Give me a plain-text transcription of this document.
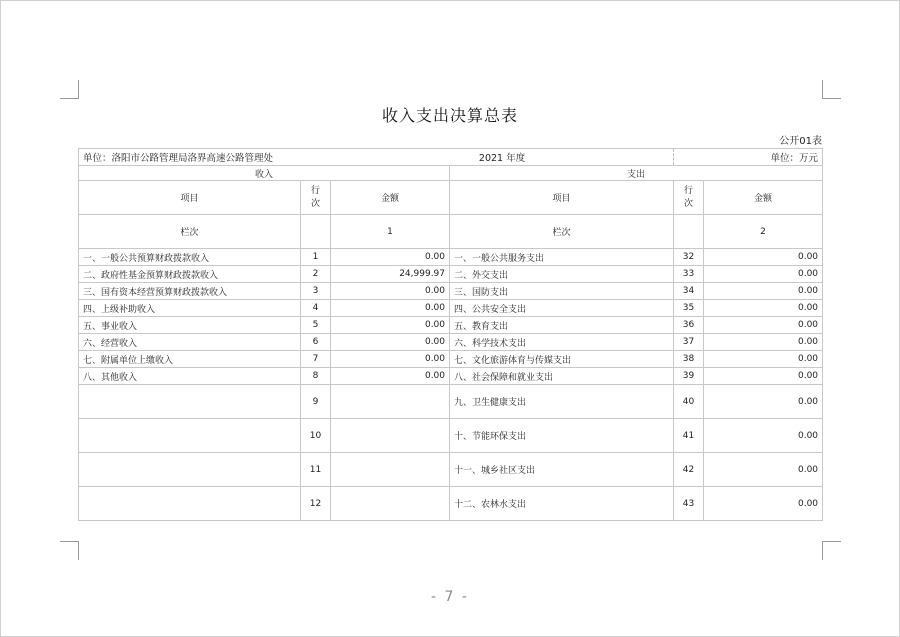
收入支出决算总表
公开01表
单位：洛阳市公路管理局洛界高速公路管理处		2021 年度			单位：万元
收入			支出		
项目	行次	金额	项目	行次	金额
栏次		1	栏次		2
一、一般公共预算财政拨款收入	1	0.00	一、一般公共服务支出	32	0.00
二、政府性基金预算财政拨款收入	2	24,999.97	二、外交支出	33	0.00
三、国有资本经营预算财政拨款收入	3	0.00	三、国防支出	34	0.00
四、上级补助收入	4	0.00	四、公共安全支出	35	0.00
五、事业收入	5	0.00	五、教育支出	36	0.00
六、经营收入	6	0.00	六、科学技术支出	37	0.00
七、附属单位上缴收入	7	0.00	七、文化旅游体育与传媒支出	38	0.00
八、其他收入	8	0.00	八、社会保障和就业支出	39	0.00
	9		九、卫生健康支出	40	0.00
	10		十、节能环保支出	41	0.00
	11		十一、城乡社区支出	42	0.00
	12		十二、农林水支出	43	0.00
- 7 -
